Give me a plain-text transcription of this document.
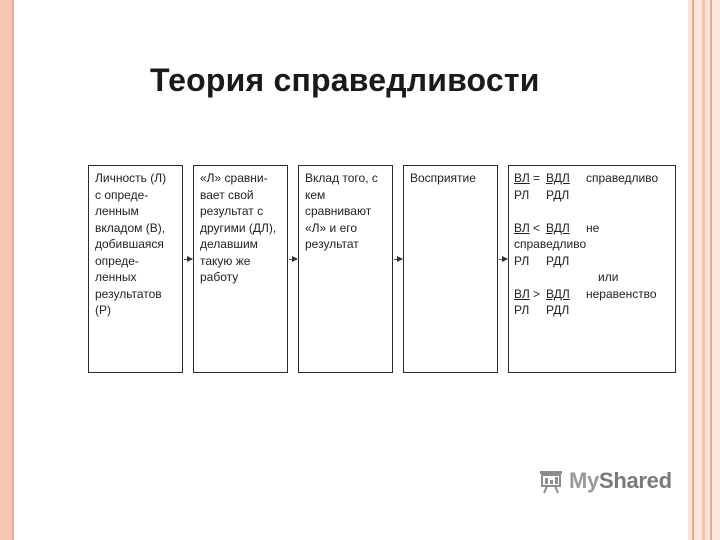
Теория справедливости

Личность (Л)

с опреде-

ленным

вкладом (В),

добившаяся

опреде-

ленных

результатов

(Р)

«Л» сравни-

вает свой

результат с

другими (ДЛ),

делавшим

такую же

работу

Вклад того, с

кем

сравнивают

«Л» и его

результат

Восприятие	ВЛ = ВДЛ справедливо
РЛ РДЛ
ВЛ < ВДЛ не
справедливо
РЛ РДЛ
или
ВЛ > ВДЛ неравенство
РЛ РДЛ
MyShared
